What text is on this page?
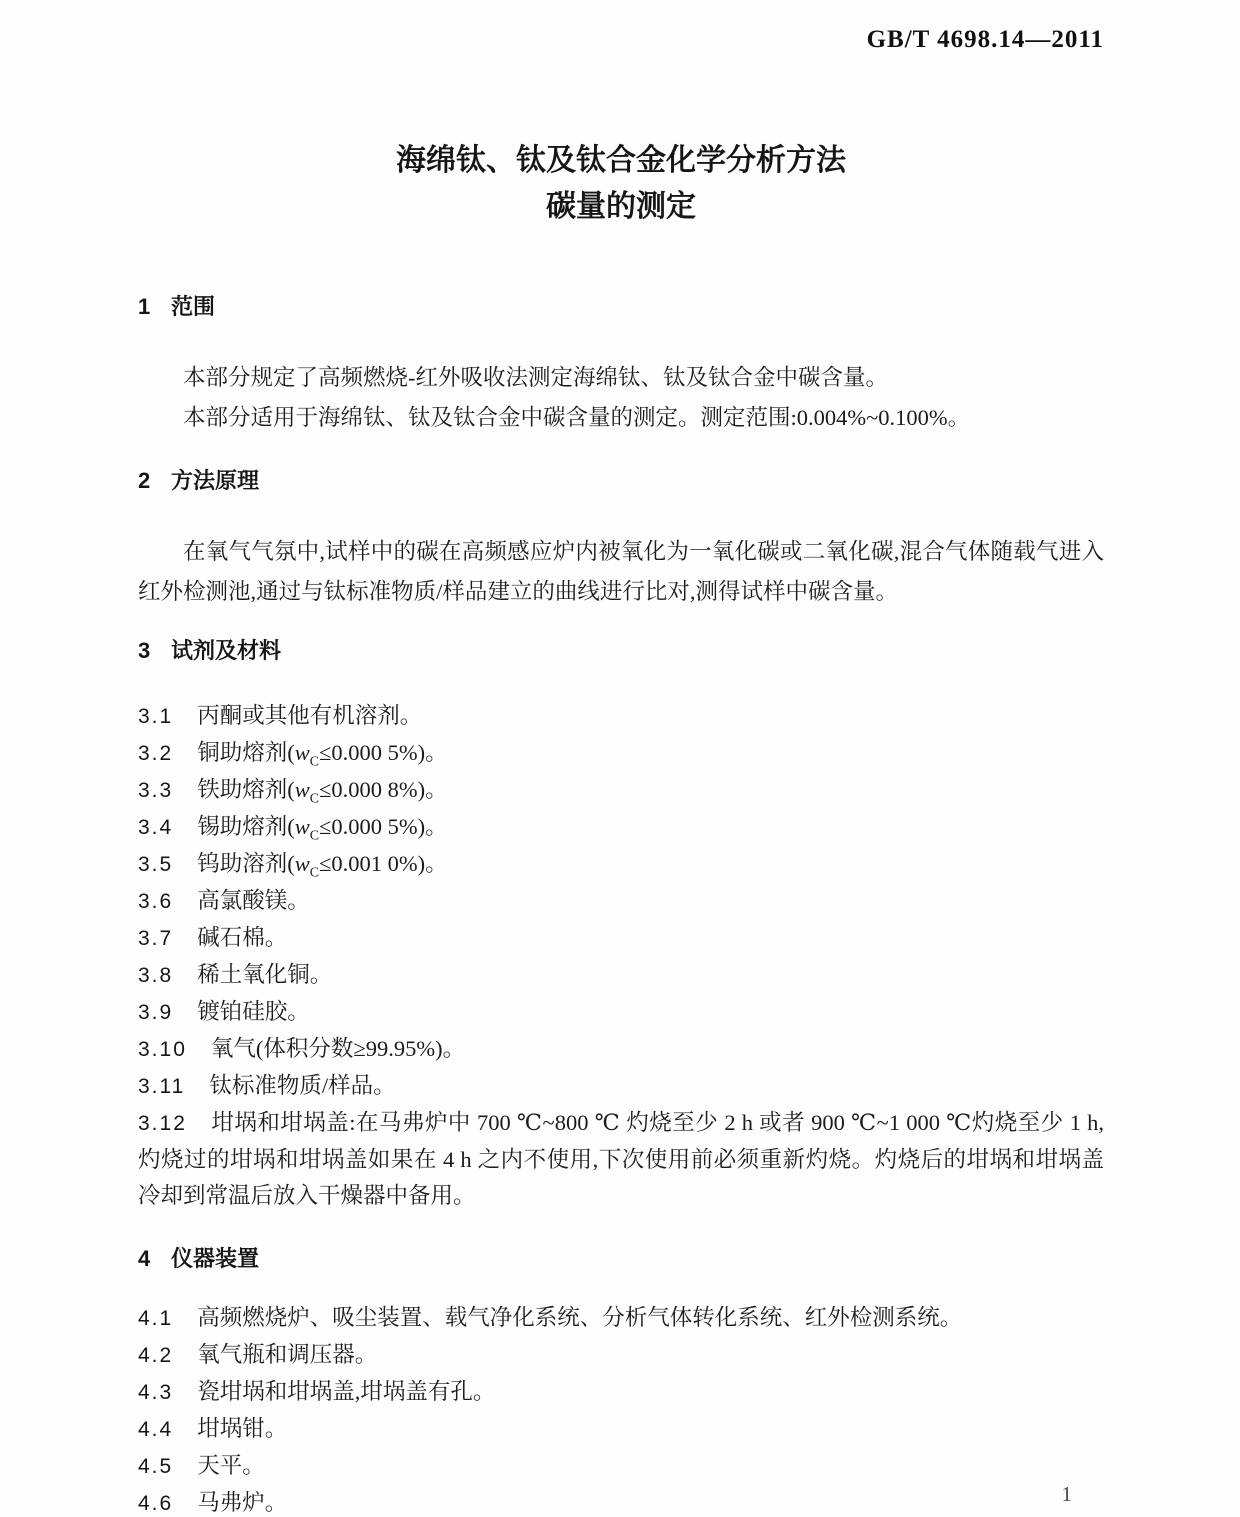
GB/T 4698.14—2011
海绵钛、钛及钛合金化学分析方法
碳量的测定
1 范围

本部分规定了高频燃烧-红外吸收法测定海绵钛、钛及钛合金中碳含量。

本部分适用于海绵钛、钛及钛合金中碳含量的测定。测定范围:0.004%~0.100%。

2 方法原理

在氧气气氛中,试样中的碳在高频感应炉内被氧化为一氧化碳或二氧化碳,混合气体随载气进入红外检测池,通过与钛标准物质/样品建立的曲线进行比对,测得试样中碳含量。

3 试剂及材料

3.1 丙酮或其他有机溶剂。

3.2 铜助熔剂($w_C\le 0.000$ 5%)。

3.3 铁助熔剂($w_C\le 0.000$ 8%)。

3.4 锡助熔剂($w_C\le 0.000$ 5%)。

3.5 钨助溶剂($w_C\le 0.001$ 0%)。

3.6 高氯酸镁。

3.7 碱石棉。

3.8 稀土氧化铜。

3.9 镀铂硅胶。

3.10 氧气(体积分数≥99.95%)。

3.11 钛标准物质/样品。

3.12 坩埚和坩埚盖:在马弗炉中 700 ℃~800 ℃ 灼烧至少 2 h 或者 900 ℃~1 000 ℃灼烧至少 1 h,灼烧过的坩埚和坩埚盖如果在 4 h 之内不使用,下次使用前必须重新灼烧。灼烧后的坩埚和坩埚盖冷却到常温后放入干燥器中备用。

4 仪器装置

4.1 高频燃烧炉、吸尘装置、载气净化系统、分析气体转化系统、红外检测系统。

4.2 氧气瓶和调压器。

4.3 瓷坩埚和坩埚盖,坩埚盖有孔。

4.4 坩埚钳。

4.5 天平。

4.6 马弗炉。	1
